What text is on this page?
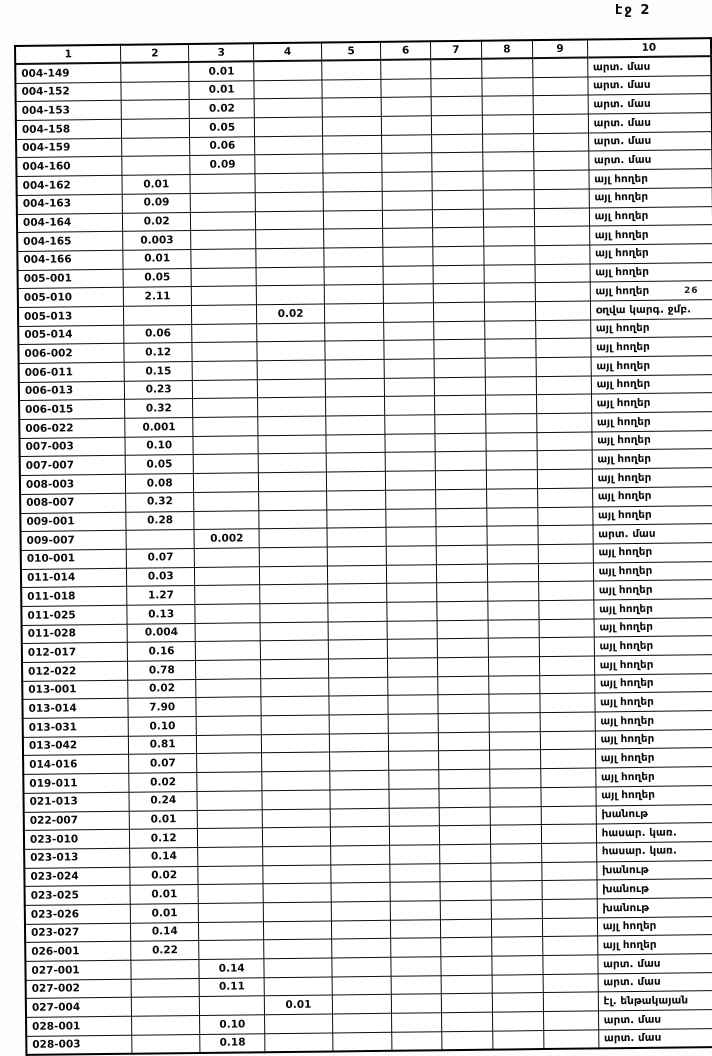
էջ 2
1	2	3	4	5	6	7	8	9	10
004-149		0.01							արտ. մաս
004-152		0.01							արտ. մաս
004-153		0.02							արտ. մաս
004-158		0.05							արտ. մաս
004-159		0.06							արտ. մաս
004-160		0.09							արտ. մաս
004-162	0.01								այլ հողեր
004-163	0.09								այլ հողեր
004-164	0.02								այլ հողեր
004-165	0.003								այլ հողեր
004-166	0.01								այլ հողեր
005-001	0.05								այլ հողեր
005-010	2.11								այլ հողեր
005-013			0.02						օղվա կարգ. ջմբ.
005-014	0.06								այլ հողեր
006-002	0.12								այլ հողեր
006-011	0.15								այլ հողեր
006-013	0.23								այլ հողեր
006-015	0.32								այլ հողեր
006-022	0.001								այլ հողեր
007-003	0.10								այլ հողեր
007-007	0.05								այլ հողեր
008-003	0.08								այլ հողեր
008-007	0.32								այլ հողեր
009-001	0.28								այլ հողեր
009-007		0.002							արտ. մաս
010-001	0.07								այլ հողեր
011-014	0.03								այլ հողեր
011-018	1.27								այլ հողեր
011-025	0.13								այլ հողեր
011-028	0.004								այլ հողեր
012-017	0.16								այլ հողեր
012-022	0.78								այլ հողեր
013-001	0.02								այլ հողեր
013-014	7.90								այլ հողեր
013-031	0.10								այլ հողեր
013-042	0.81								այլ հողեր
014-016	0.07								այլ հողեր
019-011	0.02								այլ հողեր
021-013	0.24								այլ հողեր
022-007	0.01								խանութ
023-010	0.12								հասար. կառ.
023-013	0.14								հասար. կառ.
023-024	0.02								խանութ
023-025	0.01								խանութ
023-026	0.01								խանութ
023-027	0.14								այլ հողեր
026-001	0.22								այլ հողեր
027-001		0.14							արտ. մաս
027-002		0.11							արտ. մաս
027-004			0.01						էլ. ենթակայան
028-001		0.10							արտ. մաս
028-003		0.18							արտ. մաս
26
